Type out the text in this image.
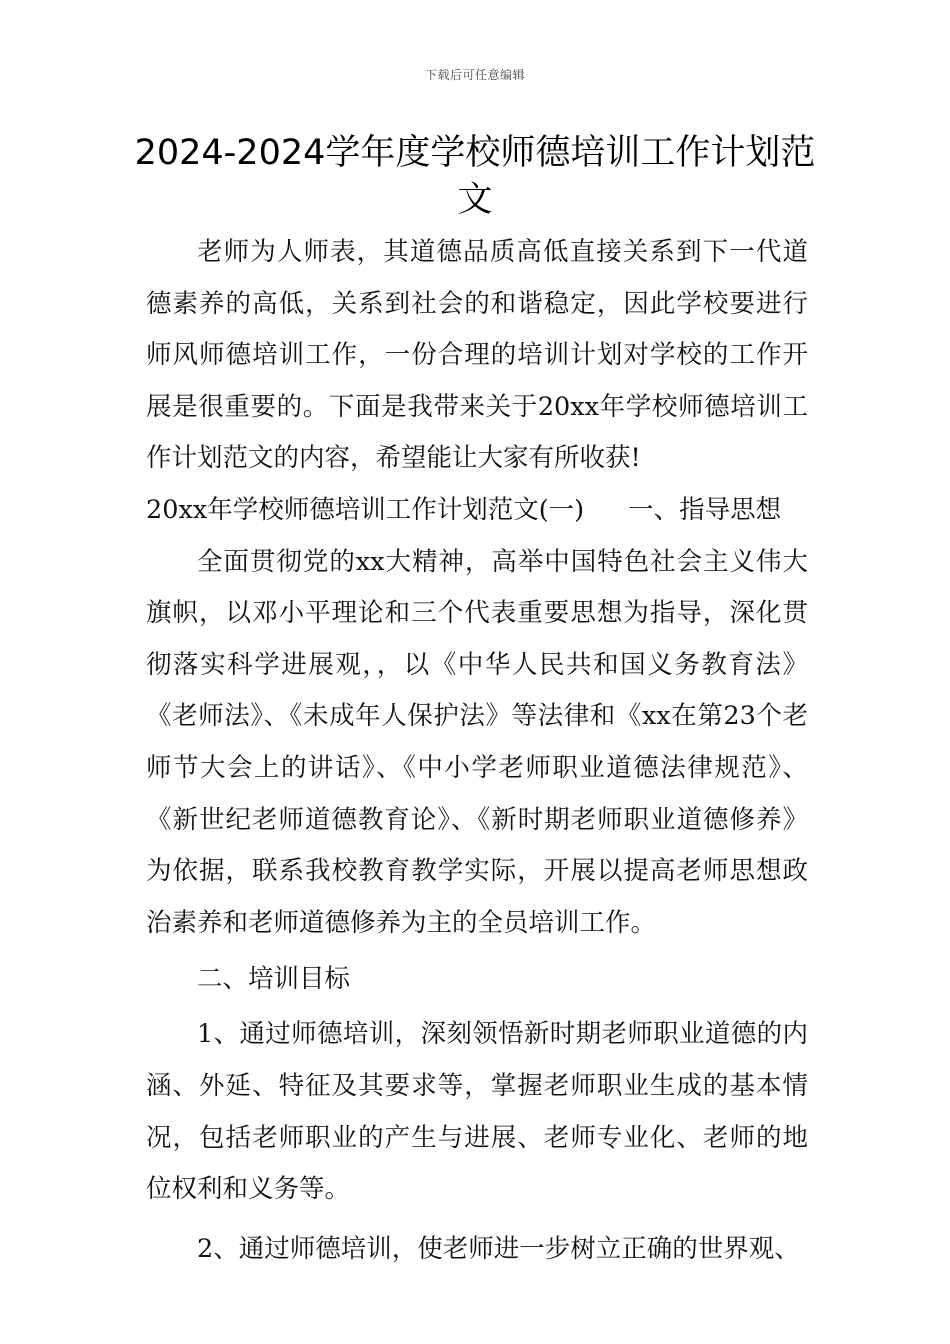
下载后可任意编辑
2024-2024学年度学校师德培训工作计划范文

老师为人师表，其道德品质高低直接关系到下一代道德素养的高低，关系到社会的和谐稳定，因此学校要进行师风师德培训工作，一份合理的培训计划对学校的工作开展是很重要的。下面是我带来关于20xx年学校师德培训工作计划范文的内容，希望能让大家有所收获!

20xx年学校师德培训工作计划范文(一) 一、指导思想

全面贯彻党的xx大精神，高举中国特色社会主义伟大旗帜，以邓小平理论和三个代表重要思想为指导，深化贯彻落实科学进展观，，以《中华人民共和国义务教育法》《老师法》、《未成年人保护法》等法律和《xx在第23个老师节大会上的讲话》、《中小学老师职业道德法律规范》、《新世纪老师道德教育论》、《新时期老师职业道德修养》为依据，联系我校教育教学实际，开展以提高老师思想政治素养和老师道德修养为主的全员培训工作。

二、培训目标

1、通过师德培训，深刻领悟新时期老师职业道德的内涵、外延、特征及其要求等，掌握老师职业生成的基本情况，包括老师职业的产生与进展、老师专业化、老师的地位权利和义务等。

2、通过师德培训，使老师进一步树立正确的世界观、
